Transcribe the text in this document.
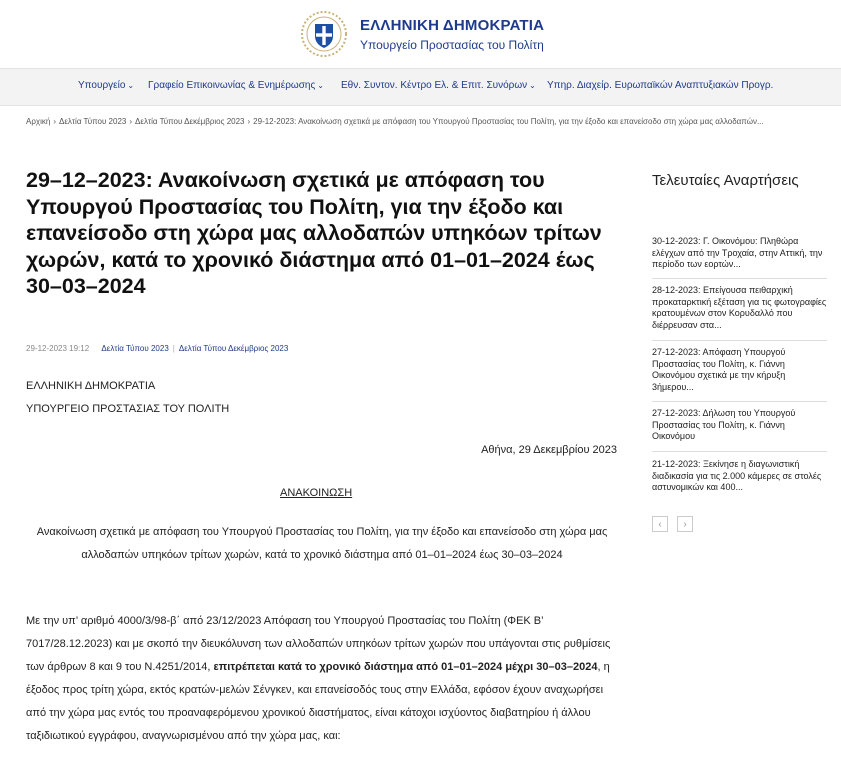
ΕΛΛΗΝΙΚΗ ΔΗΜΟΚΡΑΤΙΑ
Υπουργείο Προστασίας του Πολίτη
Υπουργείο ⌄ Γραφείο Επικοινωνίας & Ενημέρωσης ⌄ Εθν. Συντον. Κέντρο Ελ. & Επιτ. Συνόρων ⌄ Υπηρ. Διαχείρ. Ευρωπαϊκών Αναπτυξιακών Προγρ.
Αρχική › Δελτία Τύπου 2023 › Δελτία Τύπου Δεκέμβριος 2023 › 29-12-2023: Ανακοίνωση σχετικά με απόφαση του Υπουργού Προστασίας του Πολίτη, για την έξοδο και επανείσοδο στη χώρα μας αλλοδαπών...
29–12–2023: Ανακοίνωση σχετικά με απόφαση του Υπουργού Προστασίας του Πολίτη, για την έξοδο και επανείσοδο στη χώρα μας αλλοδαπών υπηκόων τρίτων χωρών, κατά το χρονικό διάστημα από 01–01–2024 έως 30–03–2024
29-12-2023 19:12 Δελτία Τύπου 2023 | Δελτία Τύπου Δεκέμβριος 2023
ΕΛΛΗΝΙΚΗ ΔΗΜΟΚΡΑΤΙΑ
ΥΠΟΥΡΓΕΙΟ ΠΡΟΣΤΑΣΙΑΣ ΤΟΥ ΠΟΛΙΤΗ
Αθήνα, 29 Δεκεμβρίου 2023
ΑΝΑΚΟΙΝΩΣΗ
Ανακοίνωση σχετικά με απόφαση του Υπουργού Προστασίας του Πολίτη, για την έξοδο και επανείσοδο στη χώρα μας αλλοδαπών υπηκόων τρίτων χωρών, κατά το χρονικό διάστημα από 01–01–2024 έως 30–03–2024
Με την υπ’ αριθμό 4000/3/98-β΄ από 23/12/2023 Απόφαση του Υπουργού Προστασίας του Πολίτη (ΦΕΚ Β’ 7017/28.12.2023) και με σκοπό την διευκόλυνση των αλλοδαπών υπηκόων τρίτων χωρών που υπάγονται στις ρυθμίσεις των άρθρων 8 και 9 του Ν.4251/2014, επιτρέπεται κατά το χρονικό διάστημα από 01–01–2024 μέχρι 30–03–2024, η έξοδος προς τρίτη χώρα, εκτός κρατών-μελών Σένγκεν, και επανείσοδός τους στην Ελλάδα, εφόσον έχουν αναχωρήσει από την χώρα μας εντός του προαναφερόμενου χρονικού διαστήματος, είναι κάτοχοι ισχύοντος διαβατηρίου ή άλλου ταξιδιωτικού εγγράφου, αναγνωρισμένου από την χώρα μας, και:
Τελευταίες Αναρτήσεις
30-12-2023: Γ. Οικονόμου: Πληθώρα ελέγχων από την Τροχαία, στην Αττική, την περίοδο των εορτών...
28-12-2023: Επείγουσα πειθαρχική προκαταρκτική εξέταση για τις φωτογραφίες κρατουμένων στον Κορυδαλλό που διέρρευσαν στα...
27-12-2023: Απόφαση Υπουργού Προστασίας του Πολίτη, κ. Γιάννη Οικονόμου σχετικά με την κήρυξη 3ήμερου...
27-12-2023: Δήλωση του Υπουργού Προστασίας του Πολίτη, κ. Γιάννη Οικονόμου
21-12-2023: Ξεκίνησε η διαγωνιστική διαδικασία για τις 2.000 κάμερες σε στολές αστυνομικών και 400...
‹	›
